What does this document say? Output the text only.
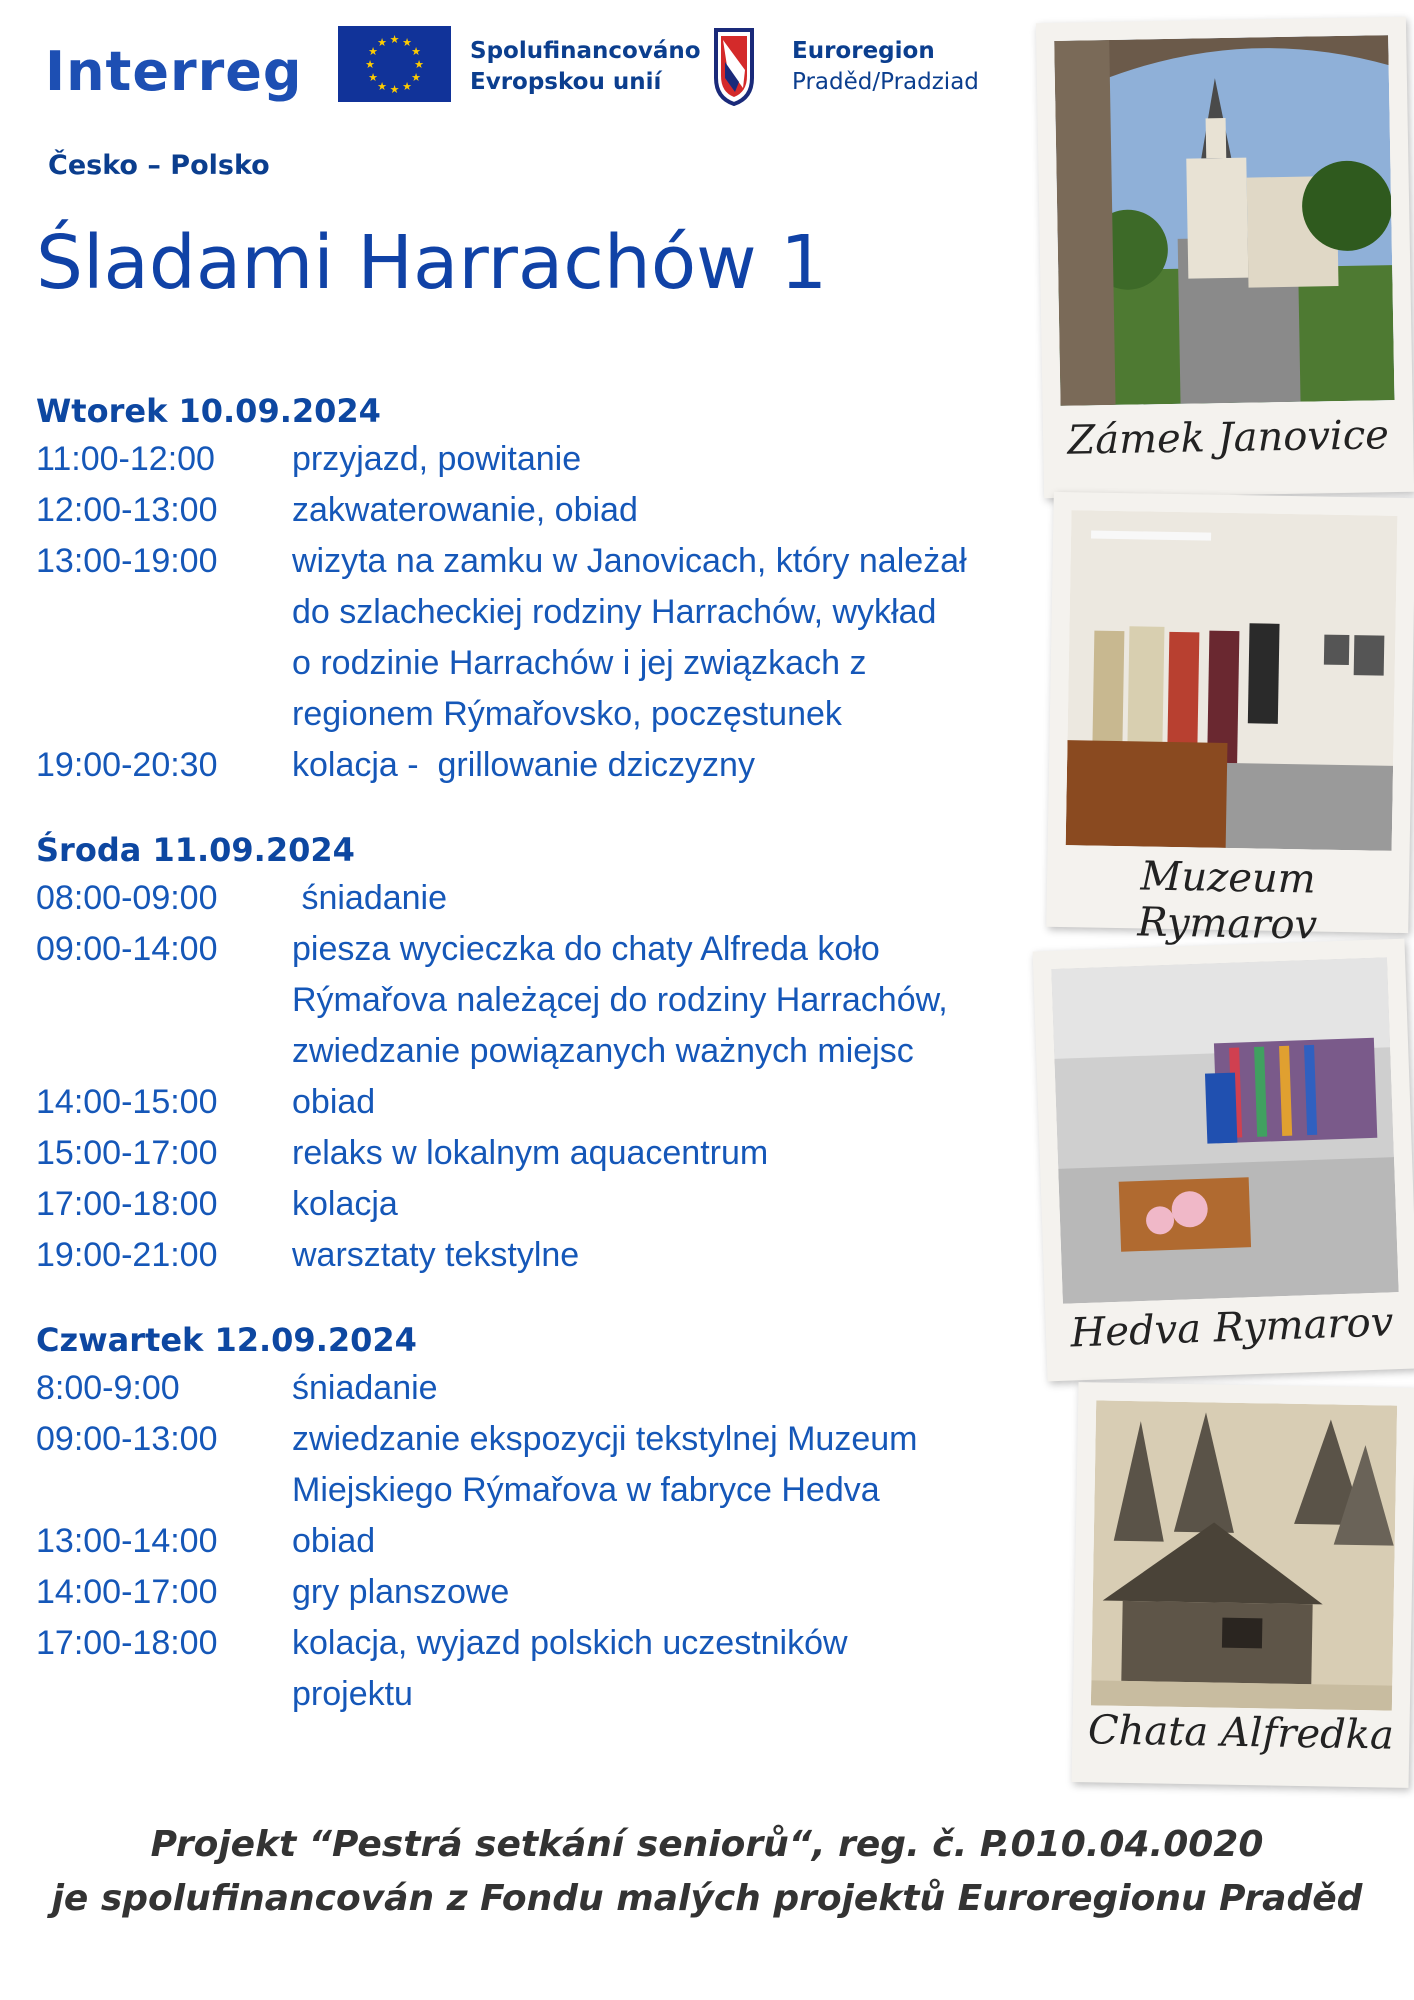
Interreg
Česko – Polsko
★ ★
★
★
★
★
★
★
★
★
★
★	Spolufinancováno
Evropskou unií
Euroregion
Praděd/Pradziad
Śladami Harrachów 1
Wtorek 10.09.2024
11:00-12:00	przyjazd, powitanie
12:00-13:00	zakwaterowanie, obiad
13:00-19:00	wizyta na zamku w Janovicach, który należał
do szlacheckiej rodziny Harrachów, wykład
o rodzinie Harrachów i jej związkach z
regionem Rýmařovsko, poczęstunek
19:00-20:30	kolacja -  grillowanie dziczyzny
Środa 11.09.2024
08:00-09:00	śniadanie
09:00-14:00	piesza wycieczka do chaty Alfreda koło
Rýmařova należącej do rodziny Harrachów,
zwiedzanie powiązanych ważnych miejsc
14:00-15:00	obiad
15:00-17:00	relaks w lokalnym aquacentrum
17:00-18:00	kolacja
19:00-21:00	warsztaty tekstylne
Czwartek 12.09.2024
8:00-9:00	śniadanie
09:00-13:00	zwiedzanie ekspozycji tekstylnej Muzeum
Miejskiego Rýmařova w fabryce Hedva
13:00-14:00	obiad
14:00-17:00	gry planszowe
17:00-18:00	kolacja, wyjazd polskich uczestników
projektu
Zámek Janovice
Muzeum Rymarov
Hedva Rymarov
Chata Alfredka
Projekt “Pestrá setkání seniorů“, reg. č. P.010.04.0020
je spolufinancován z Fondu malých projektů Euroregionu Praděd
